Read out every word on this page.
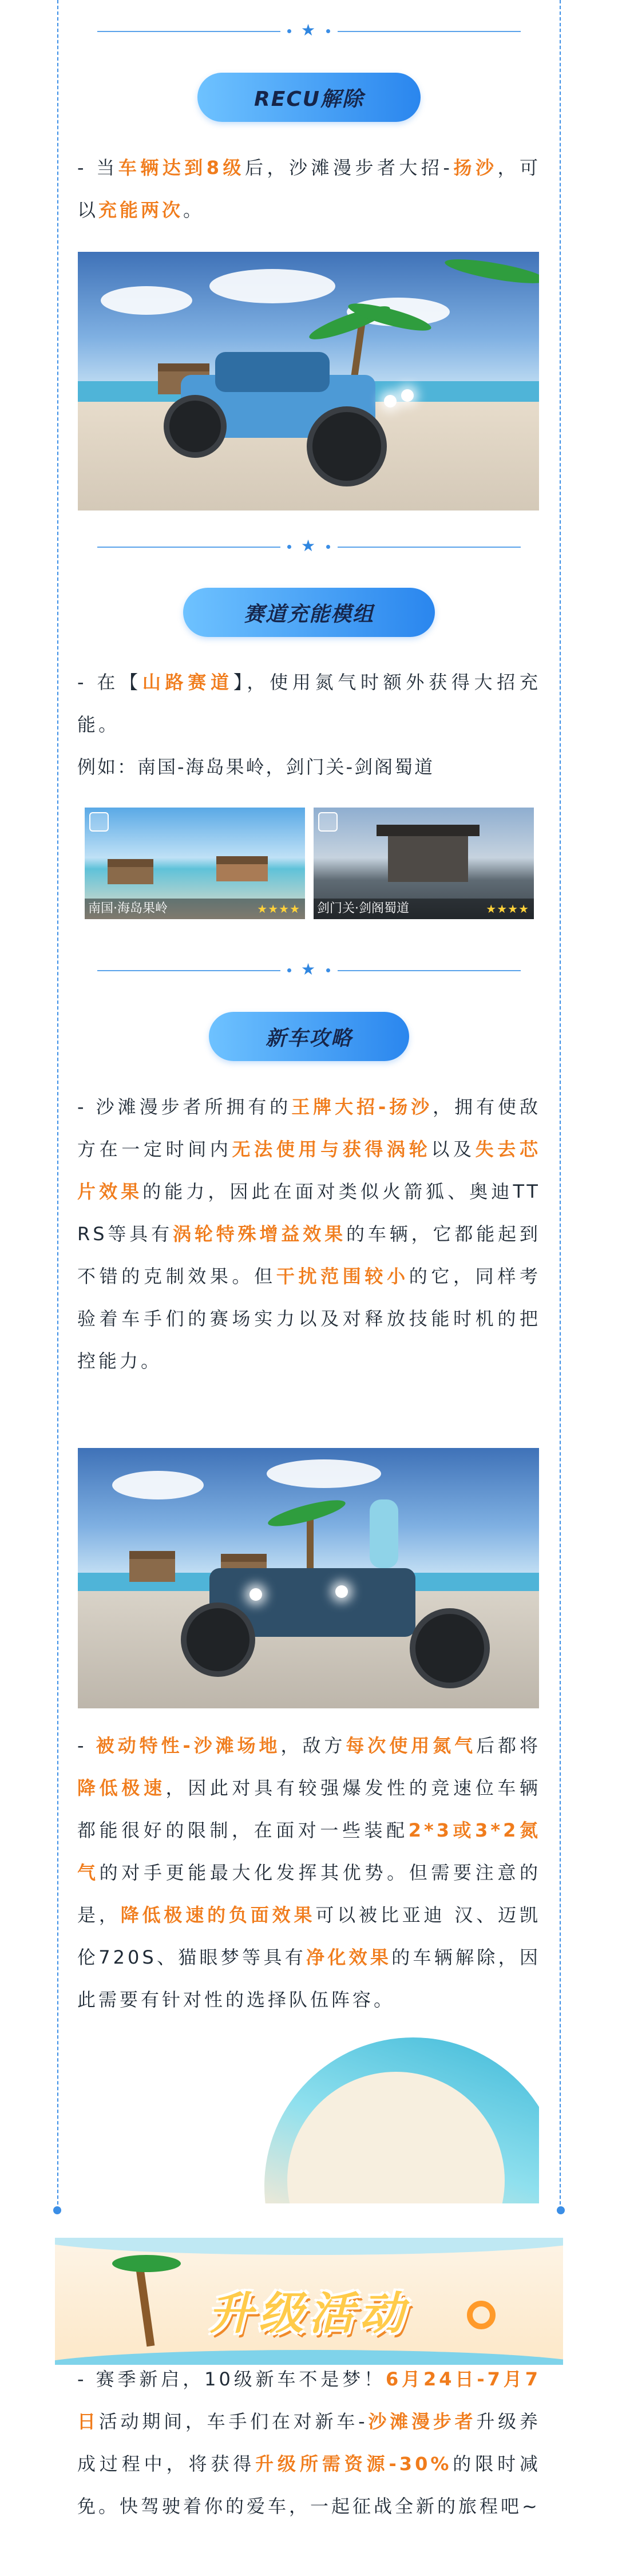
★
RECU解除

- 当车辆达到8级后，沙滩漫步者大招-扬沙，可以充能两次。

★
赛道充能模组

- 在【山路赛道】，使用氮气时额外获得大招充能。

例如：南国-海岛果岭，剑门关-剑阁蜀道

南国·海岛果岭	★★★★ 剑门关·剑阁蜀道	★★★★
★
新车攻略

- 沙滩漫步者所拥有的王牌大招-扬沙，拥有使敌方在一定时间内无法使用与获得涡轮以及失去芯片效果的能力，因此在面对类似火箭狐、奥迪TT RS等具有涡轮特殊增益效果的车辆，它都能起到不错的克制效果。但干扰范围较小的它，同样考验着车手们的赛场实力以及对释放技能时机的把控能力。

- 被动特性-沙滩场地，敌方每次使用氮气后都将降低极速，因此对具有较强爆发性的竞速位车辆都能很好的限制，在面对一些装配2*3或3*2氮气的对手更能最大化发挥其优势。但需要注意的是，降低极速的负面效果可以被比亚迪 汉、迈凯伦720S、猫眼梦等具有净化效果的车辆解除，因此需要有针对性的选择队伍阵容。

升级活动

- 赛季新启，10级新车不是梦！6月24日-7月7日活动期间，车手们在对新车-沙滩漫步者升级养成过程中，将获得升级所需资源-30%的限时减免。快驾驶着你的爱车，一起征战全新的旅程吧~
